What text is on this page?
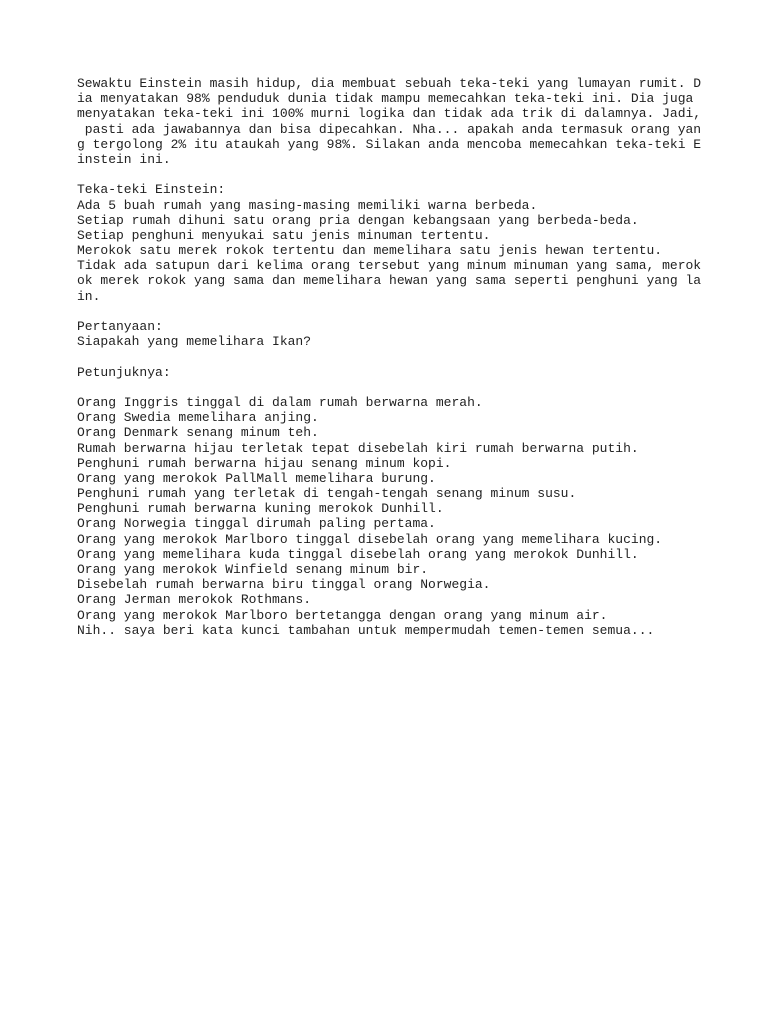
Sewaktu Einstein masih hidup, dia membuat sebuah teka-teki yang lumayan rumit. D
ia menyatakan 98% penduduk dunia tidak mampu memecahkan teka-teki ini. Dia juga
menyatakan teka-teki ini 100% murni logika dan tidak ada trik di dalamnya. Jadi,
pasti ada jawabannya dan bisa dipecahkan. Nha... apakah anda termasuk orang yan
g tergolong 2% itu ataukah yang 98%. Silakan anda mencoba memecahkan teka-teki E
instein ini.
Teka-teki Einstein:
Ada 5 buah rumah yang masing-masing memiliki warna berbeda.
Setiap rumah dihuni satu orang pria dengan kebangsaan yang berbeda-beda.
Setiap penghuni menyukai satu jenis minuman tertentu.
Merokok satu merek rokok tertentu dan memelihara satu jenis hewan tertentu.
Tidak ada satupun dari kelima orang tersebut yang minum minuman yang sama, merok
ok merek rokok yang sama dan memelihara hewan yang sama seperti penghuni yang la
in.
Pertanyaan:
Siapakah yang memelihara Ikan?
Petunjuknya:
Orang Inggris tinggal di dalam rumah berwarna merah.
Orang Swedia memelihara anjing.
Orang Denmark senang minum teh.
Rumah berwarna hijau terletak tepat disebelah kiri rumah berwarna putih.
Penghuni rumah berwarna hijau senang minum kopi.
Orang yang merokok PallMall memelihara burung.
Penghuni rumah yang terletak di tengah-tengah senang minum susu.
Penghuni rumah berwarna kuning merokok Dunhill.
Orang Norwegia tinggal dirumah paling pertama.
Orang yang merokok Marlboro tinggal disebelah orang yang memelihara kucing.
Orang yang memelihara kuda tinggal disebelah orang yang merokok Dunhill.
Orang yang merokok Winfield senang minum bir.
Disebelah rumah berwarna biru tinggal orang Norwegia.
Orang Jerman merokok Rothmans.
Orang yang merokok Marlboro bertetangga dengan orang yang minum air.
Nih.. saya beri kata kunci tambahan untuk mempermudah temen-temen semua...
